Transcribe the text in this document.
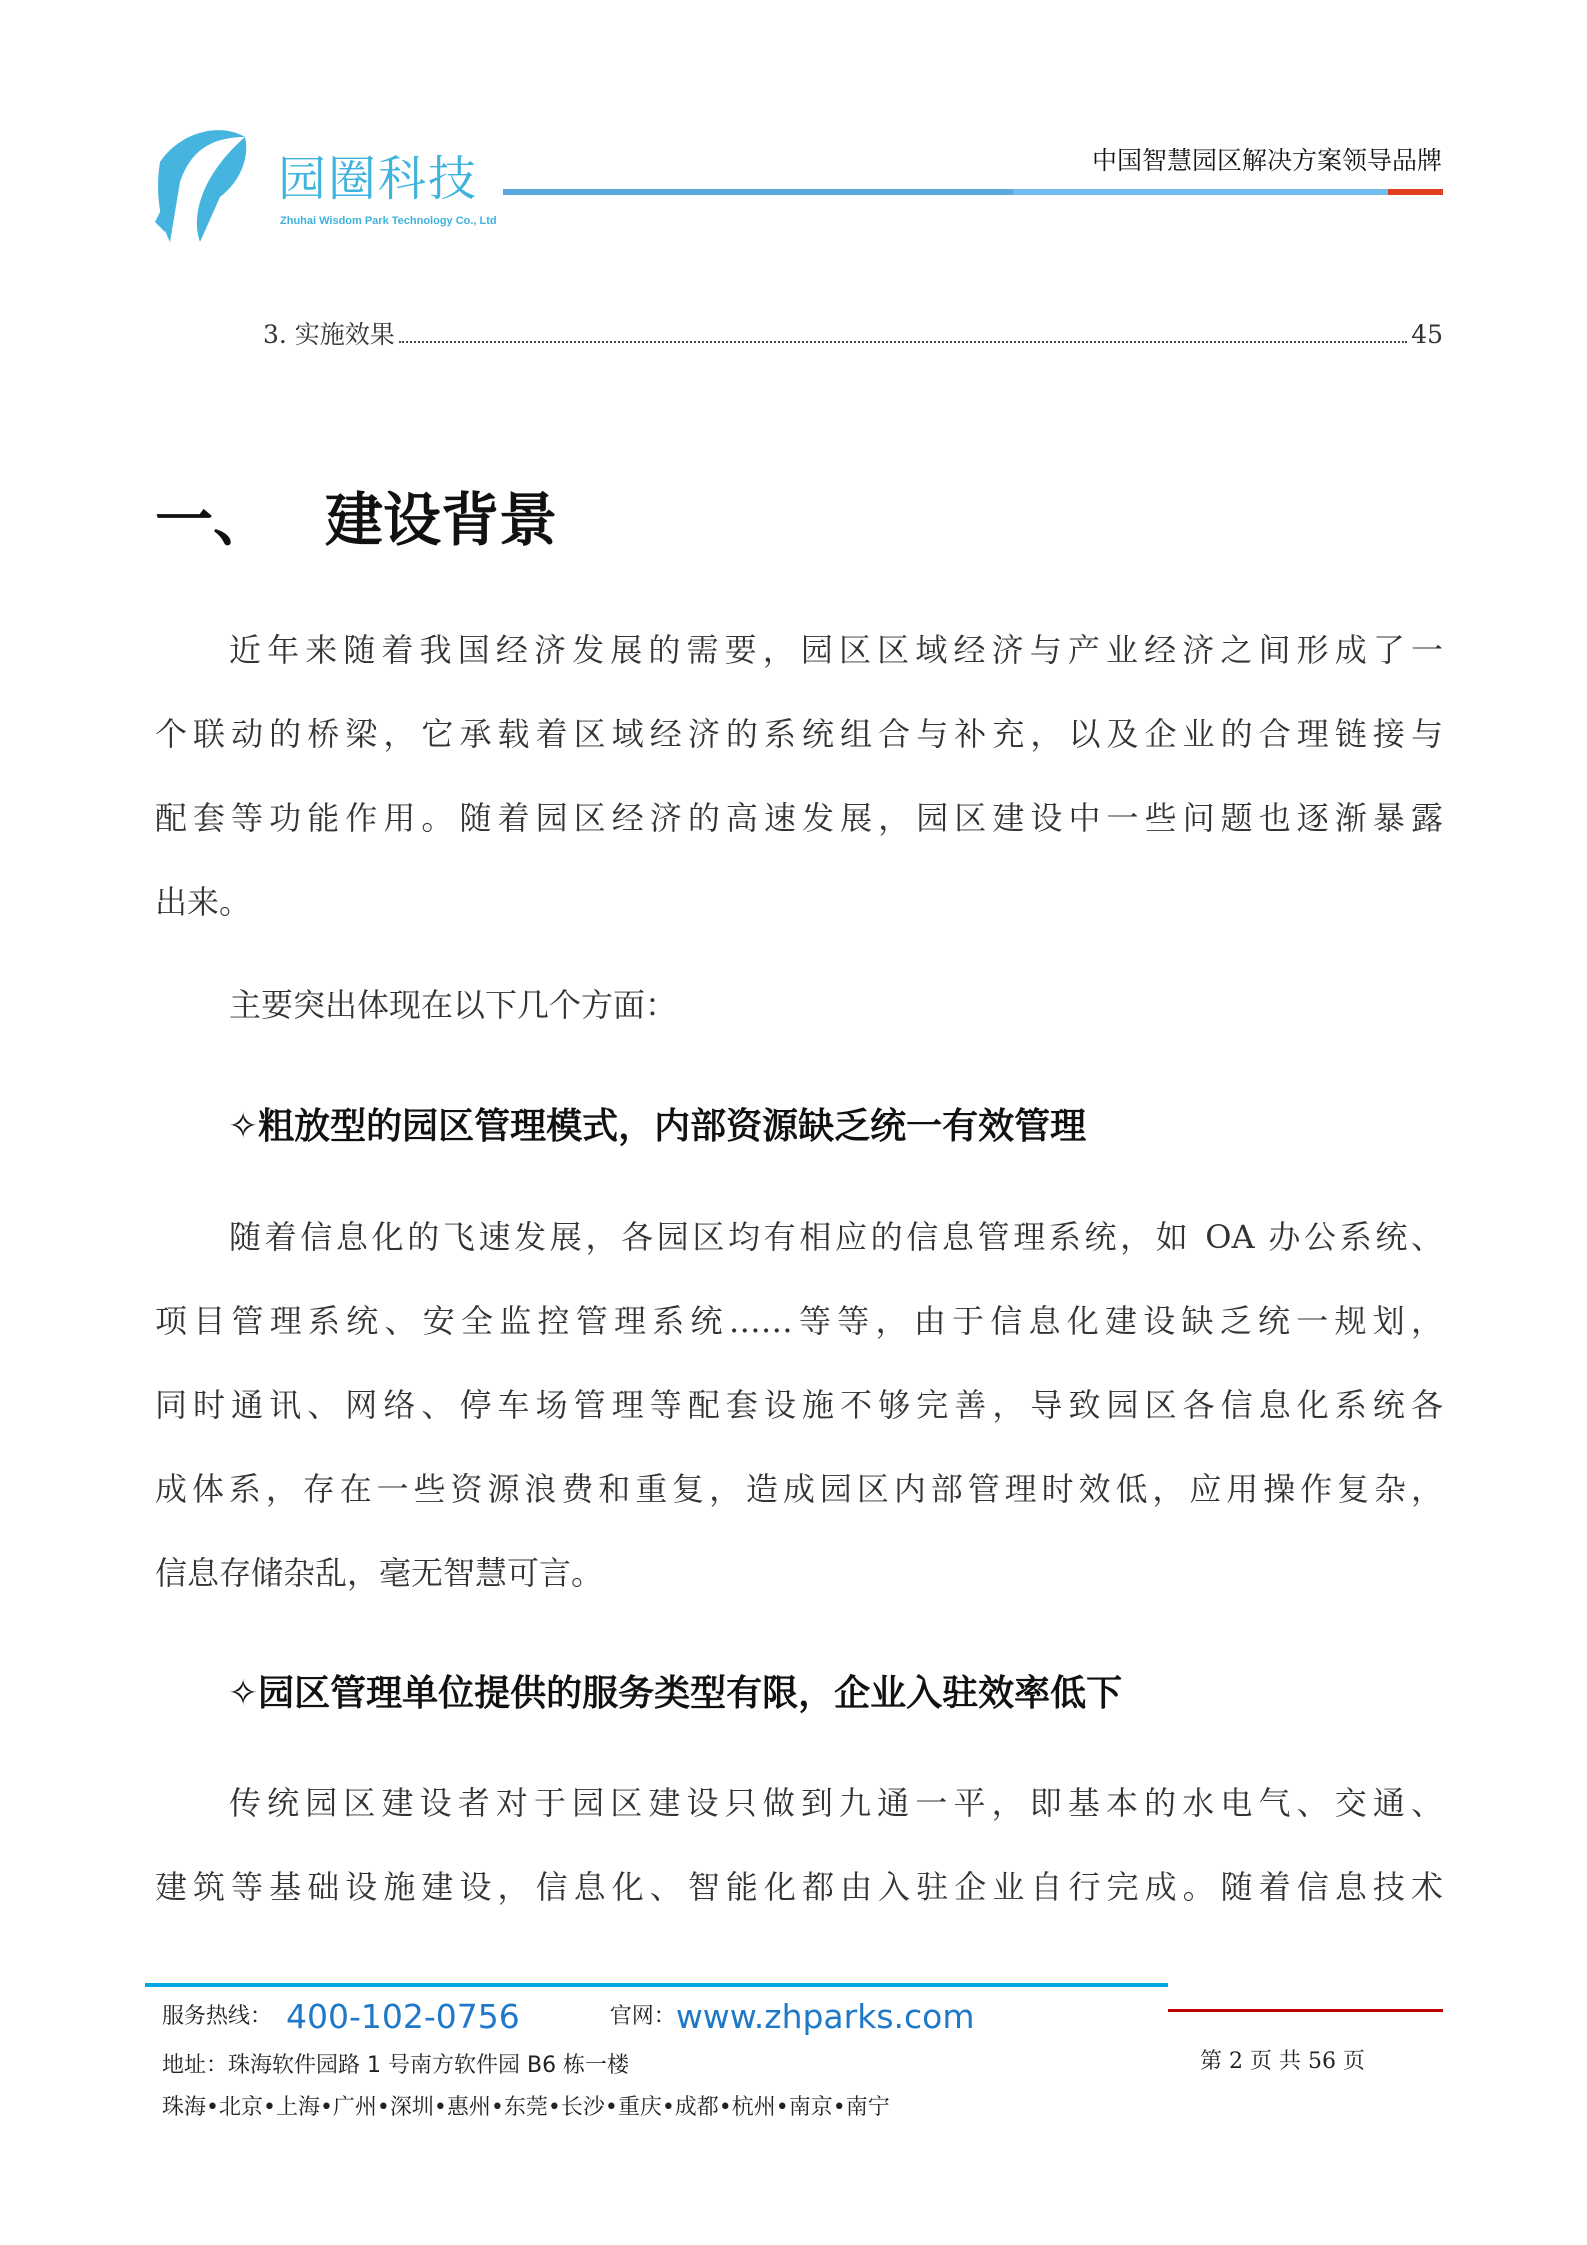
园圈科技
Zhuhai Wisdom Park Technology Co., Ltd
中国智慧园区解决方案领导品牌
3. 实施效果	45
一、 建设背景
近年来随着我国经济发展的需要，园区区域经济与产业经济之间形成了一
个联动的桥梁，它承载着区域经济的系统组合与补充，以及企业的合理链接与
配套等功能作用。随着园区经济的高速发展，园区建设中一些问题也逐渐暴露
出来。
主要突出体现在以下几个方面：
✧粗放型的园区管理模式，内部资源缺乏统一有效管理
随着信息化的飞速发展，各园区均有相应的信息管理系统，如 OA 办公系统、
项目管理系统、安全监控管理系统……等等，由于信息化建设缺乏统一规划，
同时通讯、网络、停车场管理等配套设施不够完善，导致园区各信息化系统各
成体系，存在一些资源浪费和重复，造成园区内部管理时效低，应用操作复杂，
信息存储杂乱，毫无智慧可言。
✧园区管理单位提供的服务类型有限，企业入驻效率低下
传统园区建设者对于园区建设只做到九通一平，即基本的水电气、交通、
建筑等基础设施建设，信息化、智能化都由入驻企业自行完成。随着信息技术
服务热线： 400-102-0756	官网： www.zhparks.com
地址：珠海软件园路 1 号南方软件园 B6 栋一楼
珠海•北京•上海•广州•深圳•惠州•东莞•长沙•重庆•成都•杭州•南京•南宁
第 2 页 共 56 页
